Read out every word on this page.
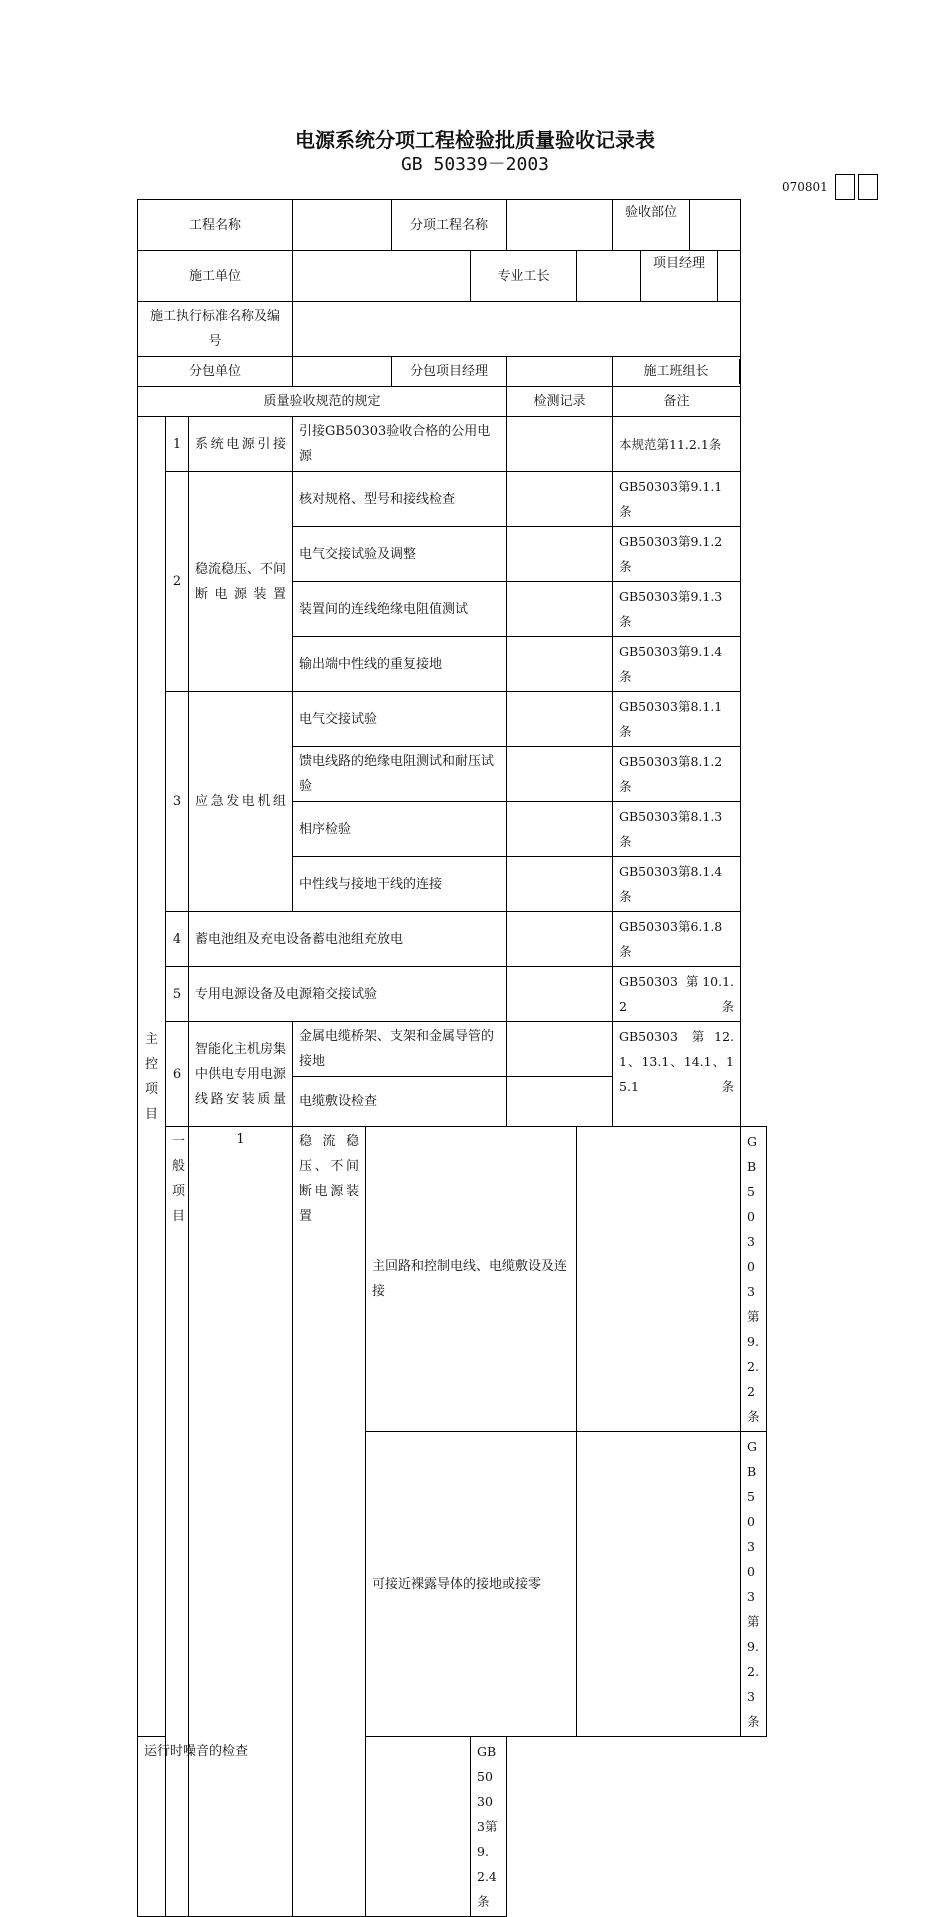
电源系统分项工程检验批质量验收记录表
GB 50339－2003
070801
工程名称					分项工程名称				验收部位	

施工单位						专业工长		项目经理		

施工执行标准名称及编号										
分包单位					分包项目经理				施工班组长	

质量验收规范的规定							检测记录		备注	
主
控
项
目	1	系统电源引接	引接GB50303验收合格的公用电源						本规范第11.2.1条	
	2	稳流稳压、不间断电源装置	核对规格、型号和接线检查						GB50303第9.1.1条	
			电气交接试验及调整						GB50303第9.1.2条	
			装置间的连线绝缘电阻值测试						GB50303第9.1.3条	
			输出端中性线的重复接地						GB50303第9.1.4条	
	3	应急发电机组	电气交接试验						GB50303第8.1.1条	
			馈电线路的绝缘电阻测试和耐压试验						GB50303第8.1.2条	
			相序检验						GB50303第8.1.3条	
			中性线与接地干线的连接						GB50303第8.1.4条	
	4	蓄电池组及充电设备蓄电池组充放电							GB50303第6.1.8条	
	5	专用电源设备及电源箱交接试验							GB50303 第10.1.2条	
	6	智能化主机房集中供电专用电源线路安装质量	金属电缆桥架、支架和金属导管的接地						GB50303 第12.1、13.1、14.1、15.1条	
			电缆敷设检查							
	一
般
项
目	1	稳流稳压、不间断电源装置	主回路和控制电线、电缆敷设及连接						GB50303第9.2.2条
				可接近裸露导体的接地或接零						GB50303第9.2.3条
运行时噪音的检查						GB50303第9.2.4条				
